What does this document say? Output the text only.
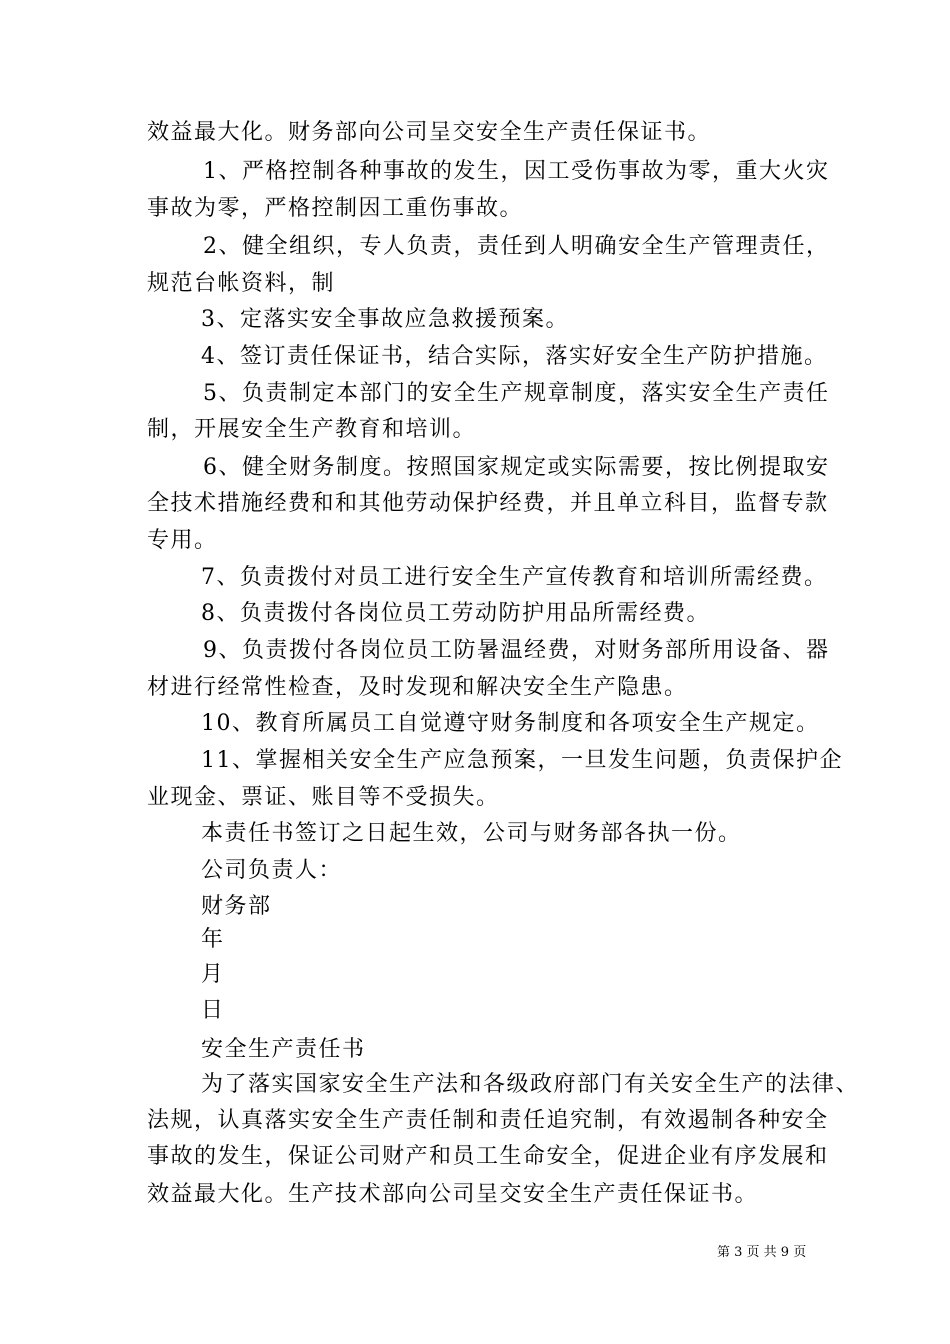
效益最大化。财务部向公司呈交安全生产责任保证书。
1、严格控制各种事故的发生，因工受伤事故为零，重大火灾
事故为零，严格控制因工重伤事故。
2、健全组织，专人负责，责任到人明确安全生产管理责任，
规范台帐资料，制
3、定落实安全事故应急救援预案。
4、签订责任保证书，结合实际，落实好安全生产防护措施。
5、负责制定本部门的安全生产规章制度，落实安全生产责任
制，开展安全生产教育和培训。
6、健全财务制度。按照国家规定或实际需要，按比例提取安
全技术措施经费和和其他劳动保护经费，并且单立科目，监督专款
专用。
7、负责拨付对员工进行安全生产宣传教育和培训所需经费。
8、负责拨付各岗位员工劳动防护用品所需经费。
9、负责拨付各岗位员工防暑温经费，对财务部所用设备、器
材进行经常性检查，及时发现和解决安全生产隐患。
10、教育所属员工自觉遵守财务制度和各项安全生产规定。
11、掌握相关安全生产应急预案，一旦发生问题，负责保护企
业现金、票证、账目等不受损失。
本责任书签订之日起生效，公司与财务部各执一份。
公司负责人：
财务部
年
月
日
安全生产责任书
为了落实国家安全生产法和各级政府部门有关安全生产的法律、
法规，认真落实安全生产责任制和责任追究制，有效遏制各种安全
事故的发生，保证公司财产和员工生命安全，促进企业有序发展和
效益最大化。生产技术部向公司呈交安全生产责任保证书。
第 3 页 共 9 页
